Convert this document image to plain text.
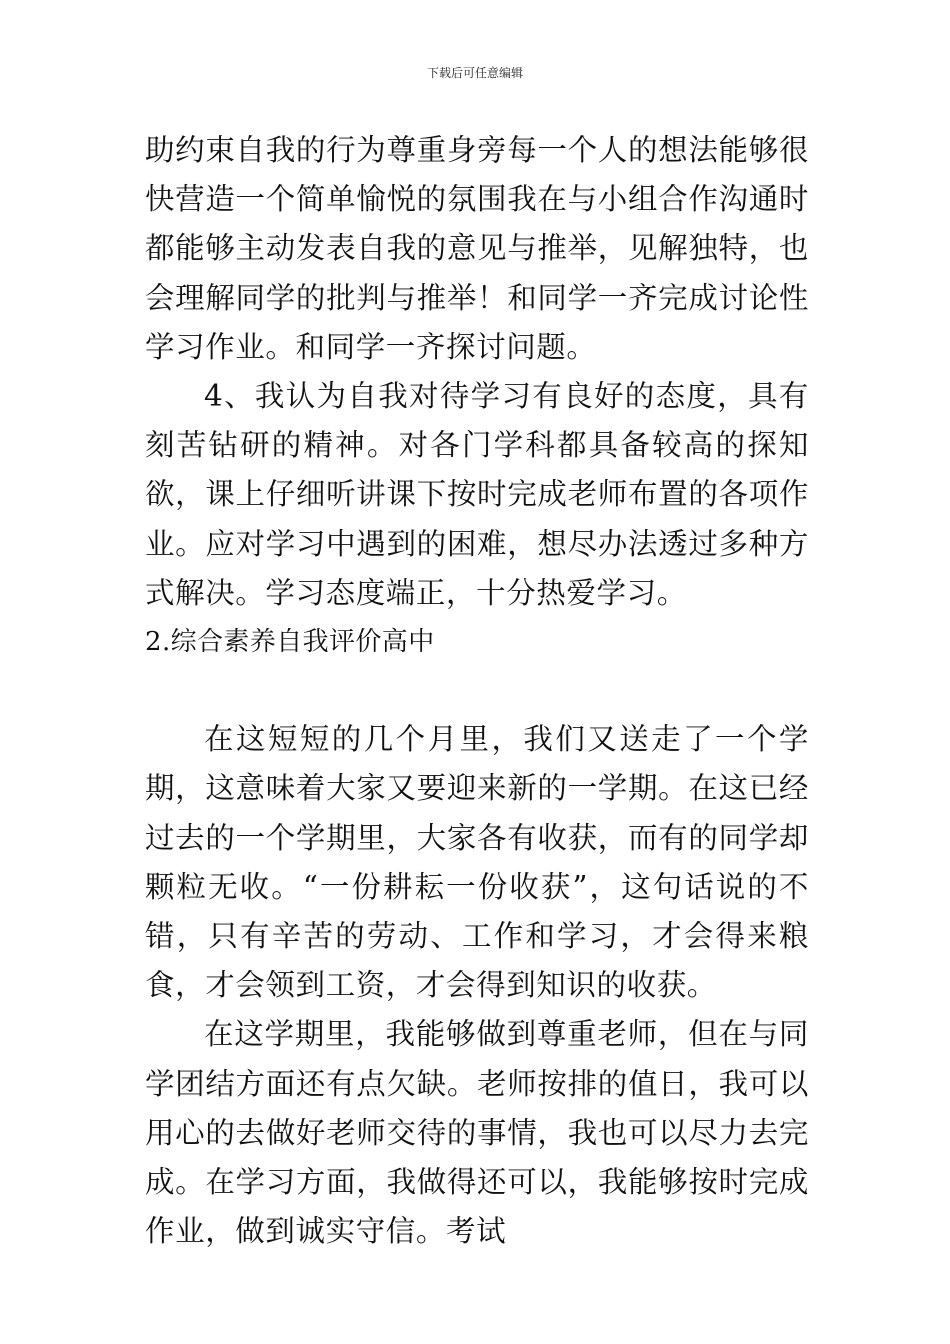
下载后可任意编辑

助约束自我的行为尊重身旁每一个人的想法能够很快营造一个简单愉悦的氛围我在与小组合作沟通时都能够主动发表自我的意见与推举，见解独特，也会理解同学的批判与推举！和同学一齐完成讨论性学习作业。和同学一齐探讨问题。

4、我认为自我对待学习有良好的态度，具有刻苦钻研的精神。对各门学科都具备较高的探知欲，课上仔细听讲课下按时完成老师布置的各项作业。应对学习中遇到的困难，想尽办法透过多种方式解决。学习态度端正，十分热爱学习。

2.综合素养自我评价高中

在这短短的几个月里，我们又送走了一个学期，这意味着大家又要迎来新的一学期。在这已经过去的一个学期里，大家各有收获，而有的同学却颗粒无收。“一份耕耘一份收获”，这句话说的不错，只有辛苦的劳动、工作和学习，才会得来粮食，才会领到工资，才会得到知识的收获。

在这学期里，我能够做到尊重老师，但在与同学团结方面还有点欠缺。老师按排的值日，我可以用心的去做好老师交待的事情，我也可以尽力去完成。在学习方面，我做得还可以，我能够按时完成作业，做到诚实守信。考试
